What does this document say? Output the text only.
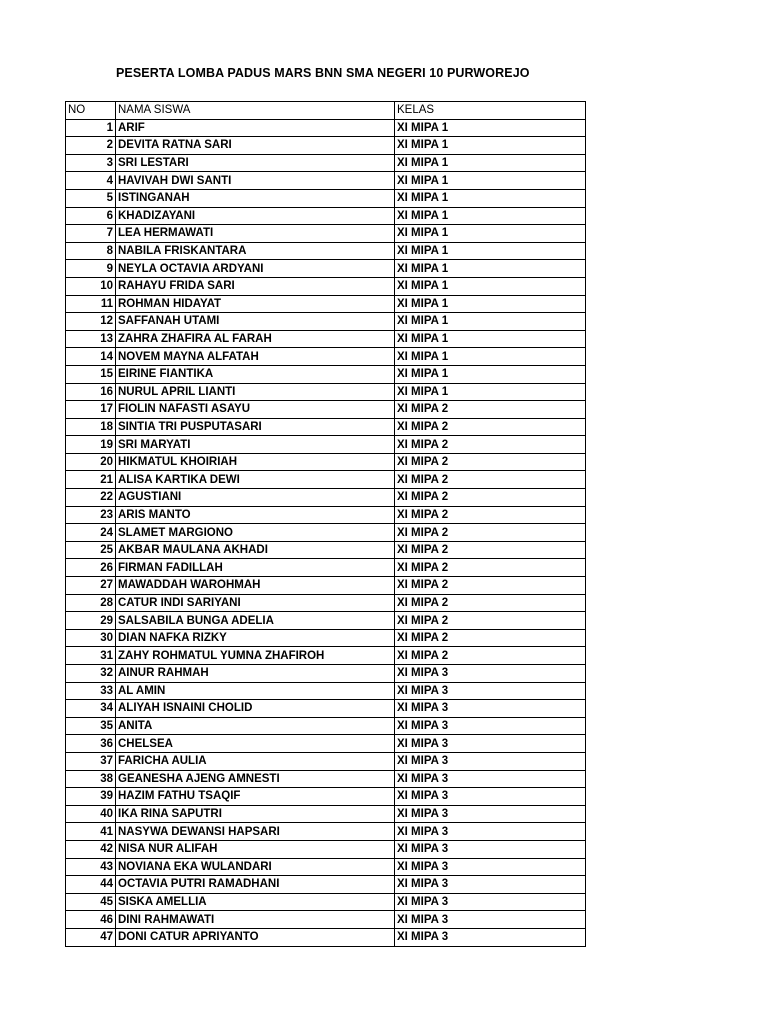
PESERTA LOMBA PADUS MARS BNN SMA NEGERI 10 PURWOREJO
NO	NAMA SISWA	KELAS
1	ARIF	XI MIPA 1
2	DEVITA RATNA SARI	XI MIPA 1
3	SRI LESTARI	XI MIPA 1
4	HAVIVAH DWI SANTI	XI MIPA 1
5	ISTINGANAH	XI MIPA 1
6	KHADIZAYANI	XI MIPA 1
7	LEA HERMAWATI	XI MIPA 1
8	NABILA FRISKANTARA	XI MIPA 1
9	NEYLA OCTAVIA ARDYANI	XI MIPA 1
10	RAHAYU FRIDA SARI	XI MIPA 1
11	ROHMAN HIDAYAT	XI MIPA 1
12	SAFFANAH UTAMI	XI MIPA 1
13	ZAHRA ZHAFIRA AL FARAH	XI MIPA 1
14	NOVEM MAYNA ALFATAH	XI MIPA 1
15	EIRINE FIANTIKA	XI MIPA 1
16	NURUL APRIL LIANTI	XI MIPA 1
17	FIOLIN NAFASTI ASAYU	XI MIPA 2
18	SINTIA TRI PUSPUTASARI	XI MIPA 2
19	SRI MARYATI	XI MIPA 2
20	HIKMATUL KHOIRIAH	XI MIPA 2
21	ALISA KARTIKA DEWI	XI MIPA 2
22	AGUSTIANI	XI MIPA 2
23	ARIS MANTO	XI MIPA 2
24	SLAMET MARGIONO	XI MIPA 2
25	AKBAR MAULANA AKHADI	XI MIPA 2
26	FIRMAN FADILLAH	XI MIPA 2
27	MAWADDAH WAROHMAH	XI MIPA 2
28	CATUR INDI SARIYANI	XI MIPA 2
29	SALSABILA BUNGA ADELIA	XI MIPA 2
30	DIAN NAFKA RIZKY	XI MIPA 2
31	ZAHY ROHMATUL YUMNA ZHAFIROH	XI MIPA 2
32	AINUR RAHMAH	XI MIPA 3
33	AL AMIN	XI MIPA 3
34	ALIYAH ISNAINI CHOLID	XI MIPA 3
35	ANITA	XI MIPA 3
36	CHELSEA	XI MIPA 3
37	FARICHA AULIA	XI MIPA 3
38	GEANESHA AJENG AMNESTI	XI MIPA 3
39	HAZIM FATHU TSAQIF	XI MIPA 3
40	IKA RINA SAPUTRI	XI MIPA 3
41	NASYWA DEWANSI HAPSARI	XI MIPA 3
42	NISA NUR ALIFAH	XI MIPA 3
43	NOVIANA EKA WULANDARI	XI MIPA 3
44	OCTAVIA PUTRI RAMADHANI	XI MIPA 3
45	SISKA AMELLIA	XI MIPA 3
46	DINI RAHMAWATI	XI MIPA 3
47	DONI CATUR APRIYANTO	XI MIPA 3
